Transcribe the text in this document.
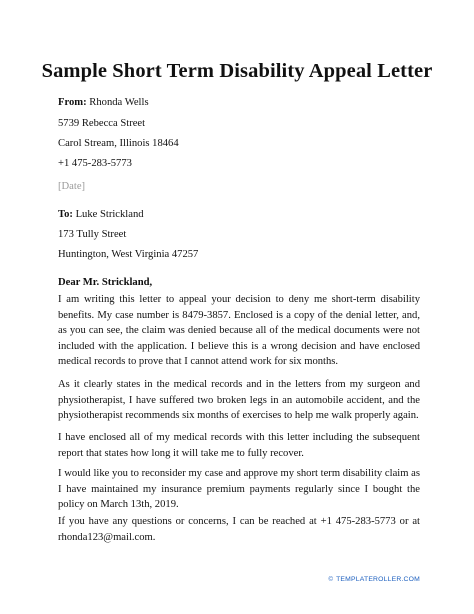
Sample Short Term Disability Appeal Letter
From: Rhonda Wells
5739 Rebecca Street
Carol Stream, Illinois 18464
+1 475-283-5773
[Date]
To: Luke Strickland
173 Tully Street
Huntington, West Virginia 47257
Dear Mr. Strickland,
I am writing this letter to appeal your decision to deny me short-term disability benefits. My case number is 8479-3857. Enclosed is a copy of the denial letter, and, as you can see, the claim was denied because all of the medical documents were not included with the application. I believe this is a wrong decision and have enclosed medical records to prove that I cannot attend work for six months.
As it clearly states in the medical records and in the letters from my surgeon and physiotherapist, I have suffered two broken legs in an automobile accident, and the physiotherapist recommends six months of exercises to help me walk properly again.
I have enclosed all of my medical records with this letter including the subsequent report that states how long it will take me to fully recover.
I would like you to reconsider my case and approve my short term disability claim as I have maintained my insurance premium payments regularly since I bought the policy on March 13th, 2019.
If you have any questions or concerns, I can be reached at +1 475-283-5773 or at rhonda123@mail.com.
© TEMPLATEROLLER.COM
